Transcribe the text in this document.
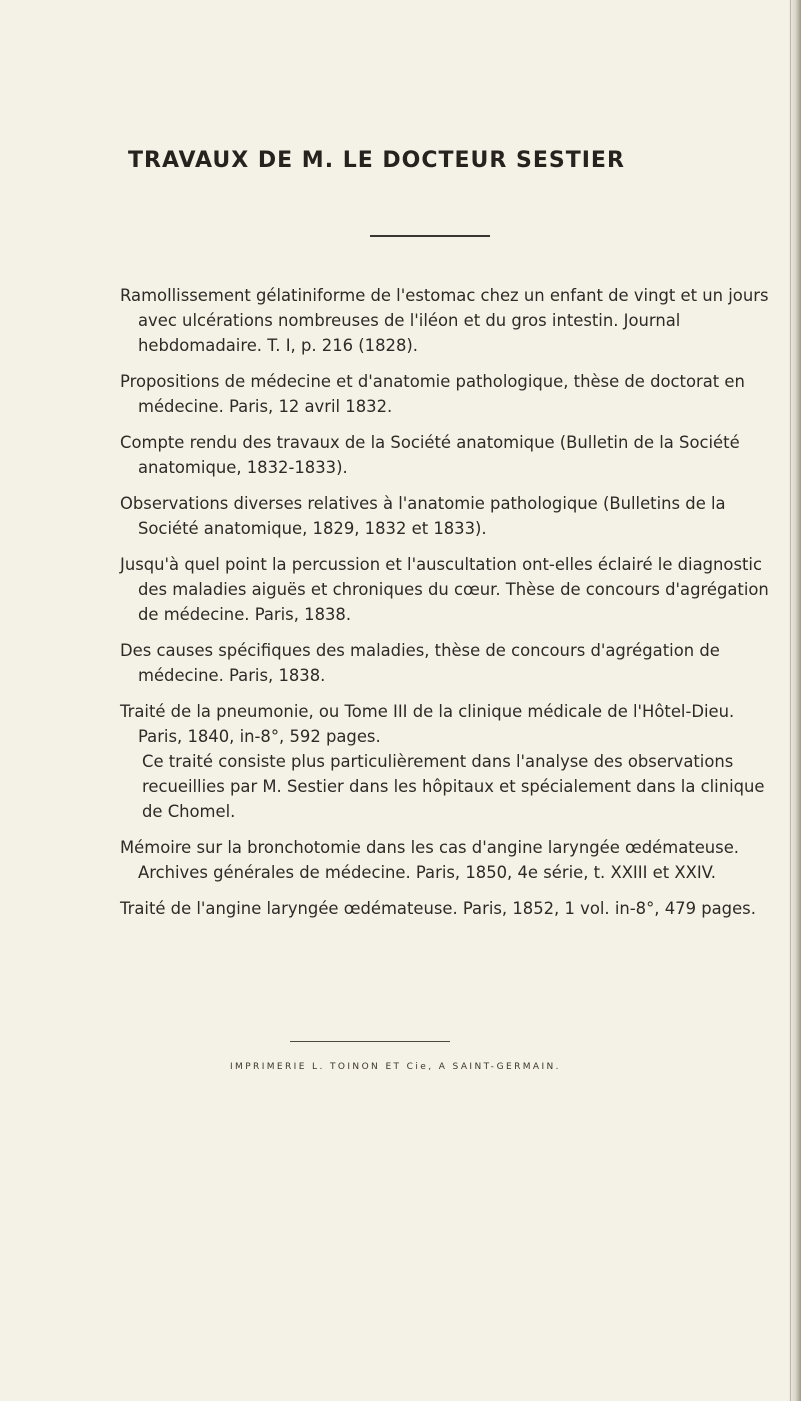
TRAVAUX DE M. LE DOCTEUR SESTIER

Ramollissement gélatiniforme de l'estomac chez un enfant de vingt et un jours avec ulcérations nombreuses de l'iléon et du gros intestin. Journal hebdomadaire. T. I, p. 216 (1828).

Propositions de médecine et d'anatomie pathologique, thèse de doctorat en médecine. Paris, 12 avril 1832.

Compte rendu des travaux de la Société anatomique (Bulletin de la Société anatomique, 1832-1833).

Observations diverses relatives à l'anatomie pathologique (Bulletins de la Société anatomique, 1829, 1832 et 1833).

Jusqu'à quel point la percussion et l'auscultation ont-elles éclairé le diagnostic des maladies aiguës et chroniques du cœur. Thèse de concours d'agrégation de médecine. Paris, 1838.

Des causes spécifiques des maladies, thèse de concours d'agrégation de médecine. Paris, 1838.

Traité de la pneumonie, ou Tome III de la clinique médicale de l'Hôtel-Dieu. Paris, 1840, in-8°, 592 pages.
Ce traité consiste plus particulièrement dans l'analyse des observations recueillies par M. Sestier dans les hôpitaux et spécialement dans la clinique de Chomel.

Mémoire sur la bronchotomie dans les cas d'angine laryngée œdémateuse. Archives générales de médecine. Paris, 1850, 4e série, t. XXIII et XXIV.

Traité de l'angine laryngée œdémateuse. Paris, 1852, 1 vol. in-8°, 479 pages.

IMPRIMERIE L. TOINON ET Cie, A SAINT-GERMAIN.
